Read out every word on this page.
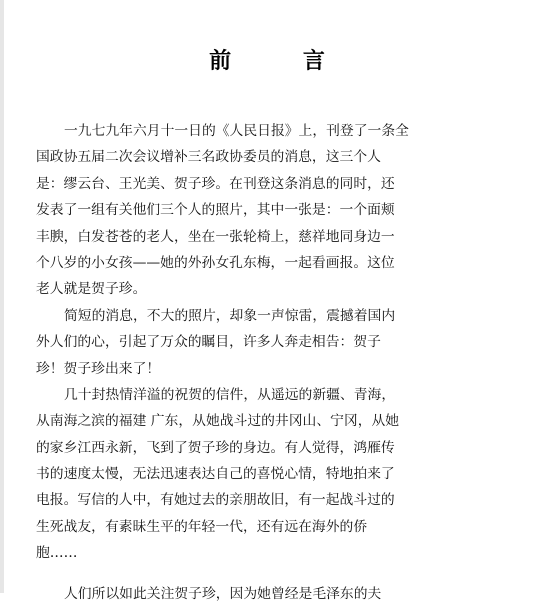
前 言
一九七九年六月十一日的《人民日报》上，刊登了一条全
国政协五届二次会议增补三名政协委员的消息，这三个人
是：缪云台、王光美、贺子珍。在刊登这条消息的同时，还
发表了一组有关他们三个人的照片，其中一张是：一个面颊
丰腴，白发苍苍的老人，坐在一张轮椅上，慈祥地同身边一
个八岁的小女孩——她的外孙女孔东梅，一起看画报。这位
老人就是贺子珍。
简短的消息，不大的照片，却象一声惊雷，震撼着国内
外人们的心，引起了万众的瞩目，许多人奔走相告：贺子
珍！贺子珍出来了！
几十封热情洋溢的祝贺的信件，从遥远的新疆、青海，
从南海之滨的福建 广东，从她战斗过的井冈山、宁冈，从她
的家乡江西永新，飞到了贺子珍的身边。有人觉得，鸿雁传
书的速度太慢，无法迅速表达自己的喜悦心情，特地拍来了
电报。写信的人中，有她过去的亲朋故旧，有一起战斗过的
生死战友，有素昧生平的年轻一代，还有远在海外的侨
胞……
人们所以如此关注贺子珍，因为她曾经是毛泽东的夫
